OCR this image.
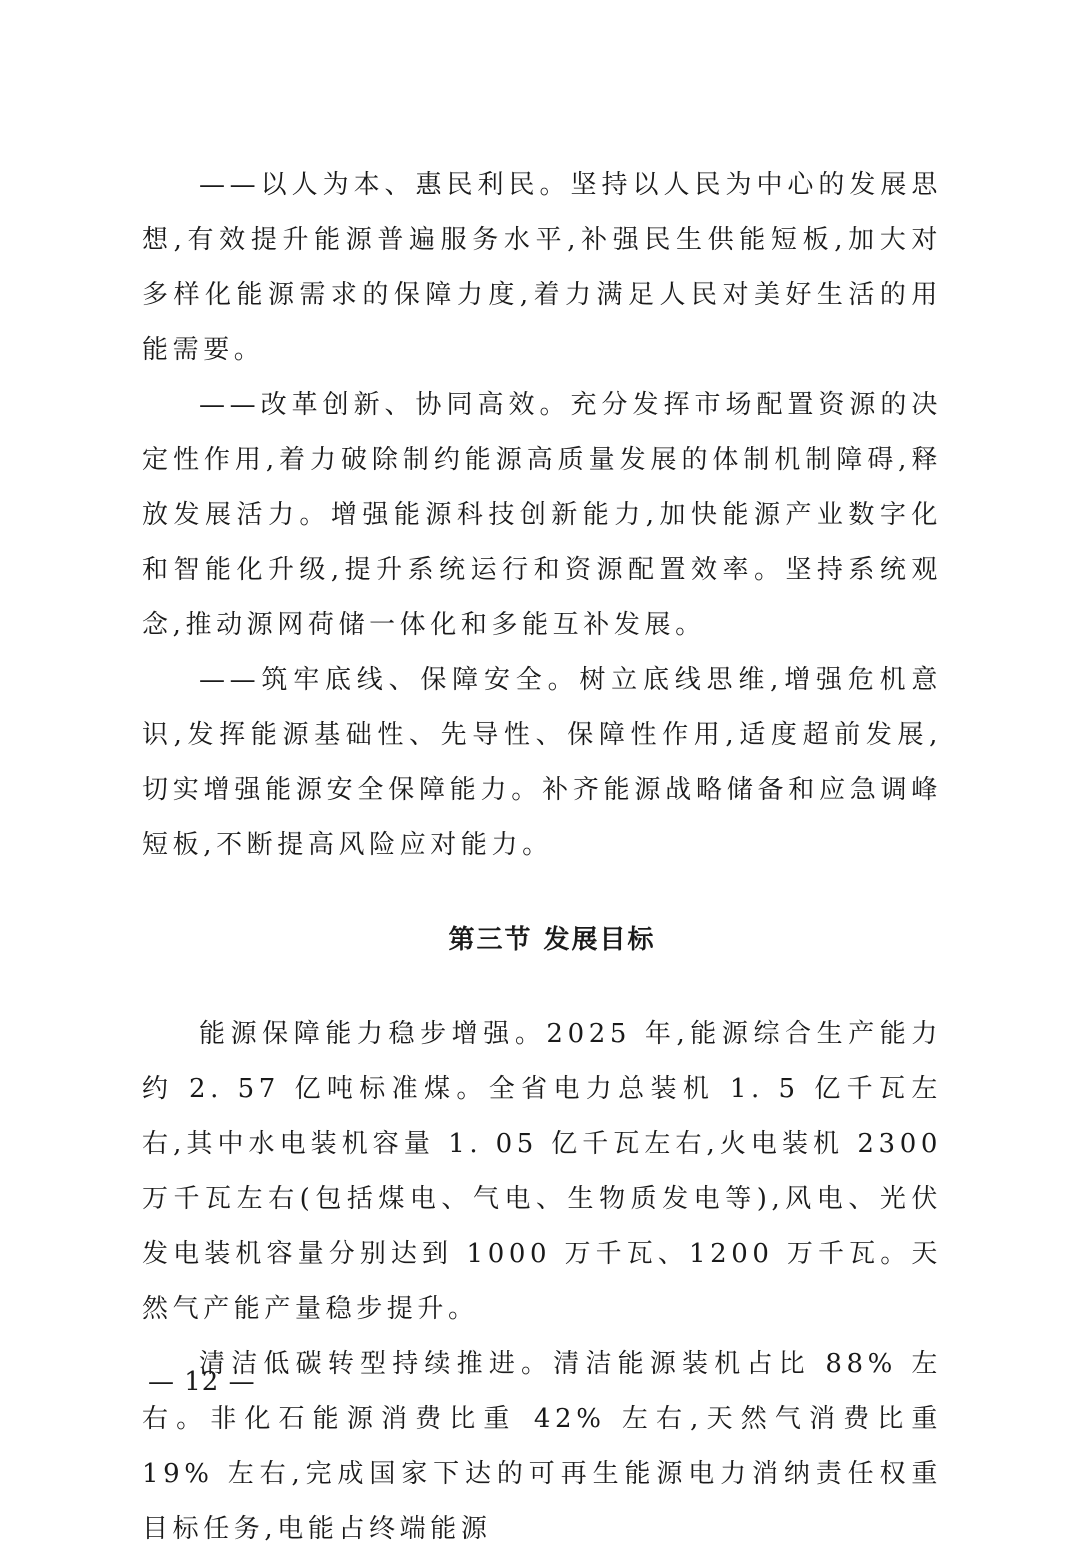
——以人为本、惠民利民。坚持以人民为中心的发展思想,有效提升能源普遍服务水平,补强民生供能短板,加大对多样化能源需求的保障力度,着力满足人民对美好生活的用能需要。

——改革创新、协同高效。充分发挥市场配置资源的决定性作用,着力破除制约能源高质量发展的体制机制障碍,释放发展活力。增强能源科技创新能力,加快能源产业数字化和智能化升级,提升系统运行和资源配置效率。坚持系统观念,推动源网荷储一体化和多能互补发展。

——筑牢底线、保障安全。树立底线思维,增强危机意识,发挥能源基础性、先导性、保障性作用,适度超前发展,切实增强能源安全保障能力。补齐能源战略储备和应急调峰短板,不断提高风险应对能力。

第三节 发展目标

能源保障能力稳步增强。2025 年,能源综合生产能力约 2. 57 亿吨标准煤。全省电力总装机 1. 5 亿千瓦左右,其中水电装机容量 1. 05 亿千瓦左右,火电装机 2300 万千瓦左右(包括煤电、气电、生物质发电等),风电、光伏发电装机容量分别达到 1000 万千瓦、1200 万千瓦。天然气产能产量稳步提升。

清洁低碳转型持续推进。清洁能源装机占比 88% 左右。非化石能源消费比重 42% 左右,天然气消费比重 19% 左右,完成国家下达的可再生能源电力消纳责任权重目标任务,电能占终端能源

— 12 —
